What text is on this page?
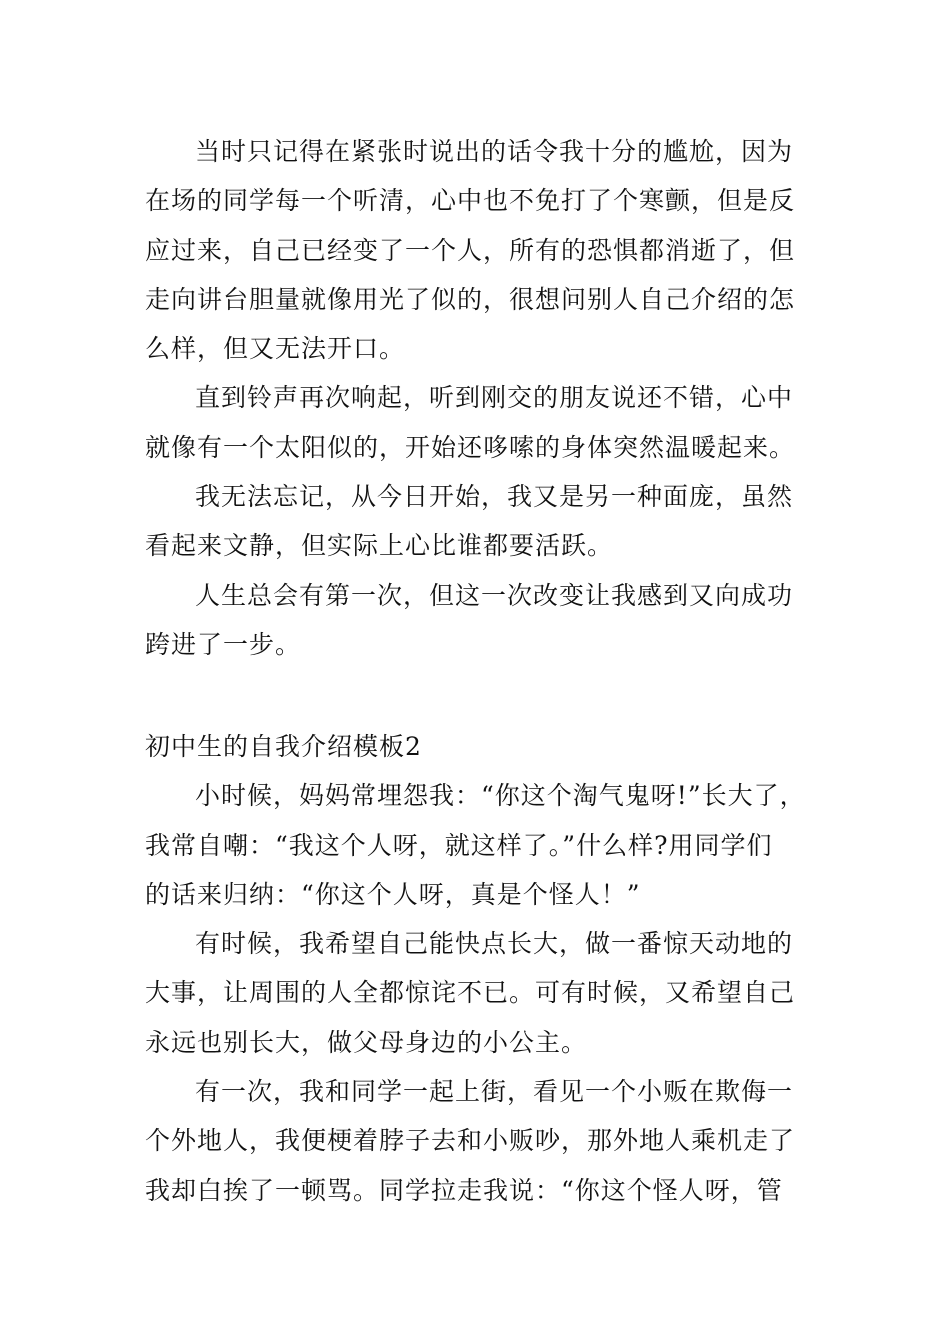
当时只记得在紧张时说出的话令我十分的尴尬，因为
在场的同学每一个听清，心中也不免打了个寒颤，但是反
应过来，自己已经变了一个人，所有的恐惧都消逝了，但
走向讲台胆量就像用光了似的，很想问别人自己介绍的怎
么样，但又无法开口。

直到铃声再次响起，听到刚交的朋友说还不错，心中
就像有一个太阳似的，开始还哆嗦的身体突然温暖起来。

我无法忘记，从今日开始，我又是另一种面庞，虽然
看起来文静，但实际上心比谁都要活跃。

人生总会有第一次，但这一次改变让我感到又向成功
跨进了一步。

初中生的自我介绍模板2

小时候，妈妈常埋怨我：“你这个淘气鬼呀!”长大了，
我常自嘲：“我这个人呀，就这样了。”什么样?用同学们
的话来归纳：“你这个人呀，真是个怪人！”

有时候，我希望自己能快点长大，做一番惊天动地的
大事，让周围的人全都惊诧不已。可有时候，又希望自己
永远也别长大，做父母身边的小公主。

有一次，我和同学一起上街，看见一个小贩在欺侮一
个外地人，我便梗着脖子去和小贩吵，那外地人乘机走了
我却白挨了一顿骂。同学拉走我说：“你这个怪人呀，管
